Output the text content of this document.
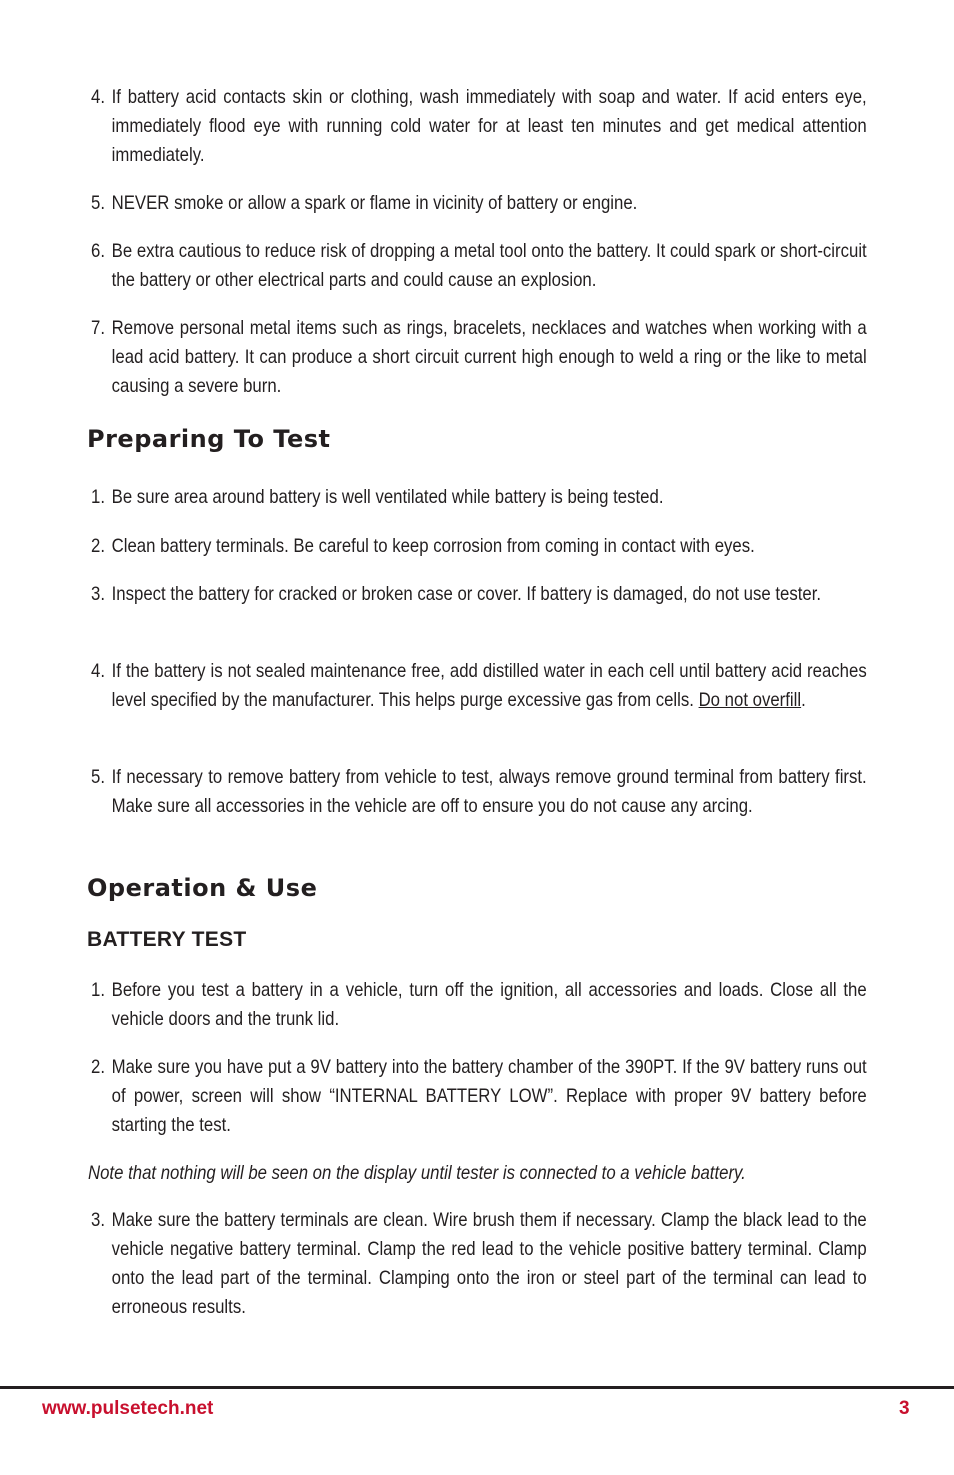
4. If battery acid contacts skin or clothing, wash immediately with soap and water. If acid enters eye, immediately flood eye with running cold water for at least ten minutes and get medical attention immediately.
5. NEVER smoke or allow a spark or flame in vicinity of battery or engine.
6. Be extra cautious to reduce risk of dropping a metal tool onto the battery. It could spark or short-circuit the battery or other electrical parts and could cause an explosion.
7. Remove personal metal items such as rings, bracelets, necklaces and watches when working with a lead acid battery. It can produce a short circuit current high enough to weld a ring or the like to metal causing a severe burn.
Preparing To Test
1. Be sure area around battery is well ventilated while battery is being tested.
2. Clean battery terminals. Be careful to keep corrosion from coming in contact with eyes.
3. Inspect the battery for cracked or broken case or cover. If battery is damaged, do not use tester.
4. If the battery is not sealed maintenance free, add distilled water in each cell until battery acid reaches level specified by the manufacturer. This helps purge excessive gas from cells. Do not overfill.
5. If necessary to remove battery from vehicle to test, always remove ground terminal from battery first. Make sure all accessories in the vehicle are off to ensure you do not cause any arcing.
Operation & Use
BATTERY TEST
1. Before you test a battery in a vehicle, turn off the ignition, all accessories and loads. Close all the vehicle doors and the trunk lid.
2. Make sure you have put a 9V battery into the battery chamber of the 390PT. If the 9V battery runs out of power, screen will show “INTERNAL BATTERY LOW”. Replace with proper 9V battery before starting the test.
Note that nothing will be seen on the display until tester is connected to a vehicle battery.
3. Make sure the battery terminals are clean. Wire brush them if necessary. Clamp the black lead to the vehicle negative battery terminal. Clamp the red lead to the vehicle positive battery terminal. Clamp onto the lead part of the terminal. Clamping onto the iron or steel part of the terminal can lead to erroneous results.
www.pulsetech.net	3
